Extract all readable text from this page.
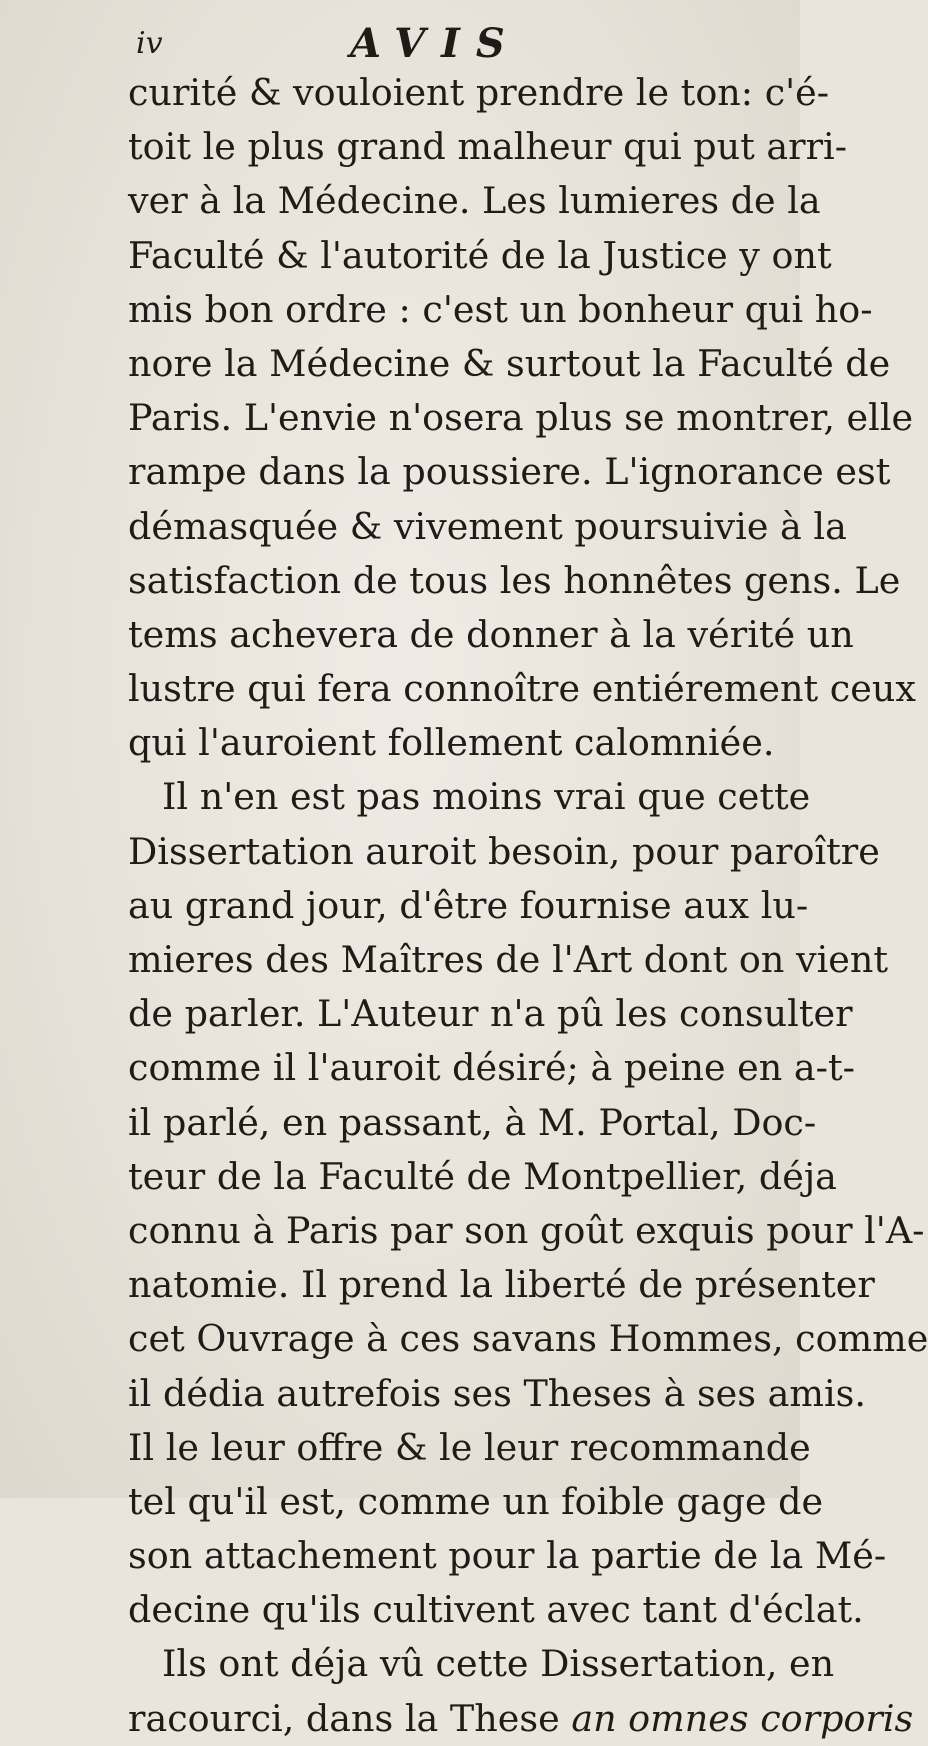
iv	AVIS
curité & vouloient prendre le ton: c'é-
toit le plus grand malheur qui put arri-
ver à la Médecine. Les lumieres de la
Faculté & l'autorité de la Justice y ont
mis bon ordre : c'est un bonheur qui ho-
nore la Médecine & surtout la Faculté de
Paris. L'envie n'osera plus se montrer, elle
rampe dans la poussiere. L'ignorance est
démasquée & vivement poursuivie à la
satisfaction de tous les honnêtes gens. Le
tems achevera de donner à la vérité un
lustre qui fera connoître entiérement ceux
qui l'auroient follement calomniée.
Il n'en est pas moins vrai que cette
Dissertation auroit besoin, pour paroître
au grand jour, d'être fournise aux lu-
mieres des Maîtres de l'Art dont on vient
de parler. L'Auteur n'a pû les consulter
comme il l'auroit désiré; à peine en a-t-
il parlé, en passant, à M. Portal, Doc-
teur de la Faculté de Montpellier, déja
connu à Paris par son goût exquis pour l'A-
natomie. Il prend la liberté de présenter
cet Ouvrage à ces savans Hommes, comme
il dédia autrefois ses Theses à ses amis.
Il le leur offre & le leur recommande
tel qu'il est, comme un foible gage de
son attachement pour la partie de la Mé-
decine qu'ils cultivent avec tant d'éclat.
Ils ont déja vû cette Dissertation, en
racourci, dans la These an omnes corporis
